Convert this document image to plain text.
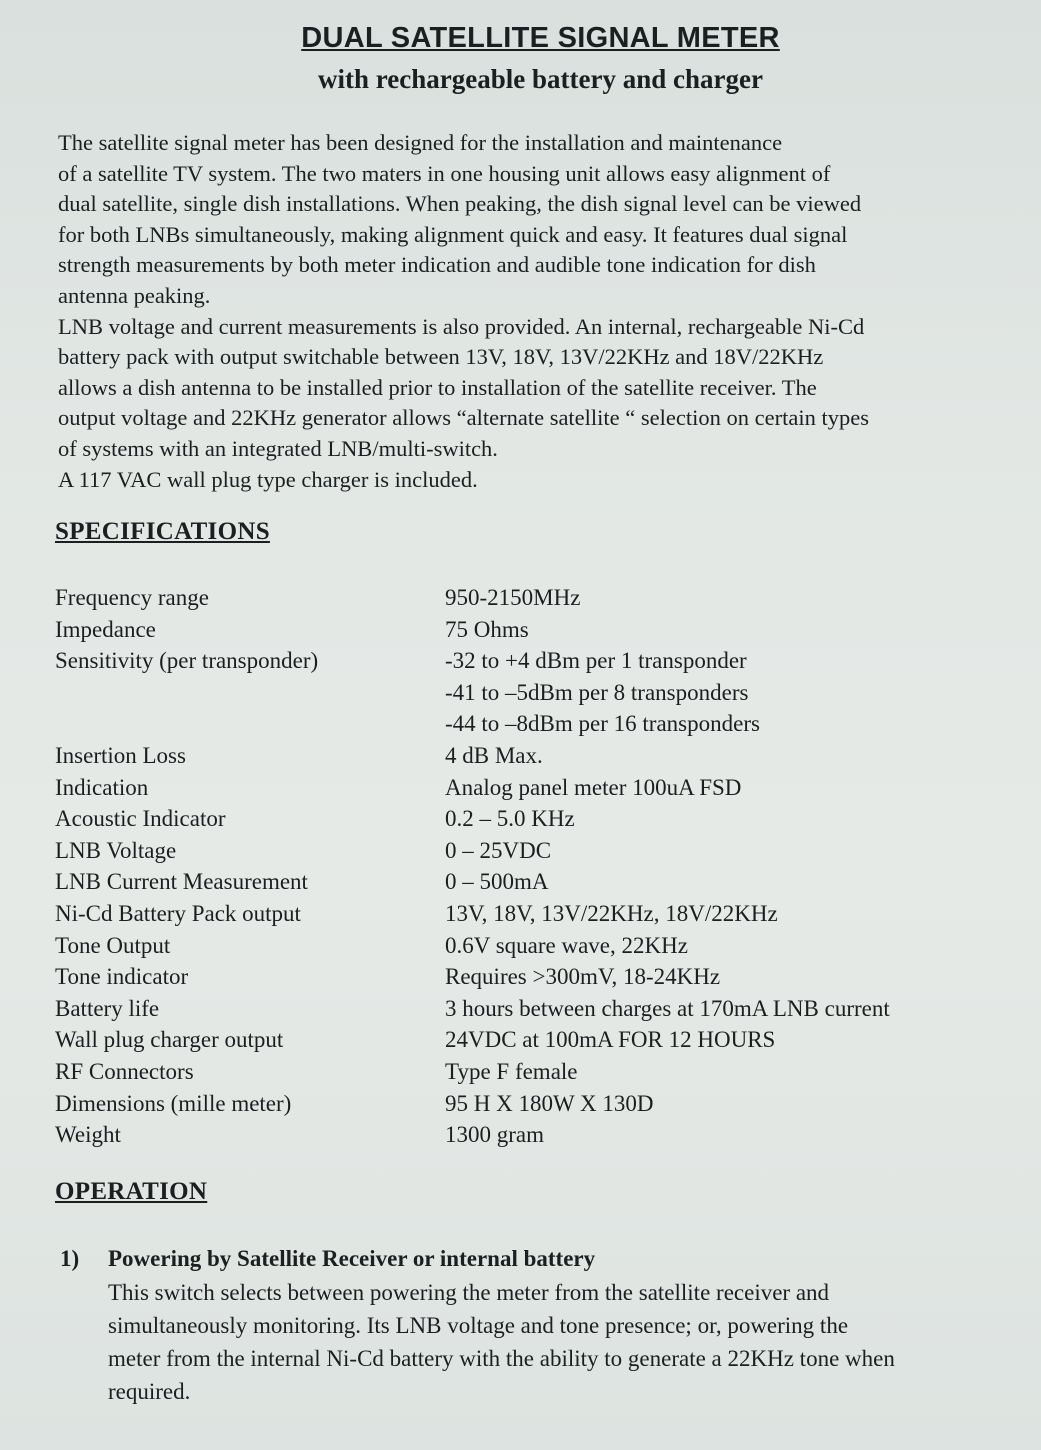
DUAL SATELLITE SIGNAL METER
with rechargeable battery and charger
The satellite signal meter has been designed for the installation and maintenance
of a satellite TV system. The two maters in one housing unit allows easy alignment of
dual satellite, single dish installations. When peaking, the dish signal level can be viewed
for both LNBs simultaneously, making alignment quick and easy. It features dual signal
strength measurements by both meter indication and audible tone indication for dish
antenna peaking.
LNB voltage and current measurements is also provided. An internal, rechargeable Ni-Cd
battery pack with output switchable between 13V, 18V, 13V/22KHz and 18V/22KHz
allows a dish antenna to be installed prior to installation of the satellite receiver. The
output voltage and 22KHz generator allows “alternate satellite “ selection on certain types
of systems with an integrated LNB/multi-switch.
A 117 VAC wall plug type charger is included.
SPECIFICATIONS
Frequency range	950-2150MHz
Impedance	75 Ohms
Sensitivity (per transponder)	-32 to +4 dBm per 1 transponder
-41 to –5dBm per 8 transponders
-44 to –8dBm per 16 transponders
Insertion Loss	4 dB Max.
Indication	Analog panel meter 100uA FSD
Acoustic Indicator	0.2 – 5.0 KHz
LNB Voltage	0 – 25VDC
LNB Current Measurement	0 – 500mA
Ni-Cd Battery Pack output	13V, 18V, 13V/22KHz, 18V/22KHz
Tone Output	0.6V square wave, 22KHz
Tone indicator	Requires >300mV, 18-24KHz
Battery life	3 hours between charges at 170mA LNB current
Wall plug charger output	24VDC at 100mA FOR 12 HOURS
RF Connectors	Type F female
Dimensions (mille meter)	95 H X 180W X 130D
Weight	1300 gram
OPERATION
1)	Powering by Satellite Receiver or internal battery
This switch selects between powering the meter from the satellite receiver and
simultaneously monitoring. Its LNB voltage and tone presence; or, powering the
meter from the internal Ni-Cd battery with the ability to generate a 22KHz tone when
required.
